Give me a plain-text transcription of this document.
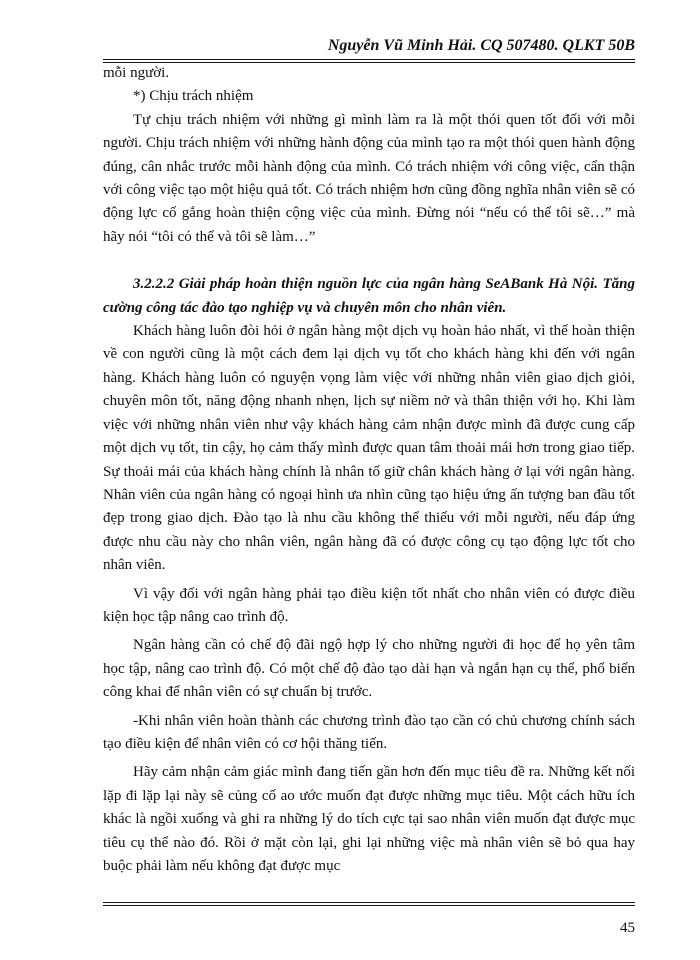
Nguyễn Vũ Minh Hải. CQ 507480. QLKT 50B

mỗi người.

*) Chịu trách nhiệm

Tự chịu trách nhiệm với những gì mình làm ra là một thói quen tốt đối với mỗi người. Chịu trách nhiệm với những hành động của mình tạo ra một thói quen hành động đúng, cân nhắc trước mỗi hành động của mình. Có trách nhiệm với công việc, cẩn thận với công việc tạo một hiệu quả tốt. Có trách nhiệm hơn cũng đồng nghĩa nhân viên sẽ có động lực cố gắng hoàn thiện cộng việc của mình. Đừng nói “nếu có thể tôi sẽ…” mà hãy nói “tôi có thể và tôi sẽ làm…”

3.2.2.2 Giải pháp hoàn thiện nguồn lực của ngân hàng SeABank Hà Nội. Tăng cường công tác đào tạo nghiệp vụ và chuyên môn cho nhân viên.

Khách hàng luôn đòi hỏi ở ngân hàng một dịch vụ hoàn hảo nhất, vì thế hoàn thiện về con người cũng là một cách đem lại dịch vụ tốt cho khách hàng khi đến với ngân hàng. Khách hàng luôn có nguyện vọng làm việc với những nhân viên giao dịch giỏi, chuyên môn tốt, năng động nhanh nhẹn, lịch sự niềm nở và thân thiện với họ. Khi làm việc với những nhân viên như vậy khách hàng cảm nhận được mình đã được cung cấp một dịch vụ tốt, tin cậy, họ cảm thấy mình được quan tâm thoải mái hơn trong giao tiếp. Sự thoải mái của khách hàng chính là nhân tố giữ chân khách hàng ở lại với ngân hàng. Nhân viên của ngân hàng có ngoại hình ưa nhìn cũng tạo hiệu ứng ấn tượng ban đầu tốt đẹp trong giao dịch. Đào tạo là nhu cầu không thể thiếu với mỗi người, nếu đáp ứng được nhu cầu này cho nhân viên, ngân hàng đã có được công cụ tạo động lực tốt cho nhân viên.

Vì vậy đối với ngân hàng phải tạo điều kiện tốt nhất cho nhân viên có được điều kiện học tập nâng cao trình độ.

Ngân hàng cần có chế độ đãi ngộ hợp lý cho những người đi học để họ yên tâm học tập, nâng cao trình độ. Có một chế độ đào tạo dài hạn và ngắn hạn cụ thể, phổ biến công khai để nhân viên có sự chuẩn bị trước.

-Khi nhân viên hoàn thành các chương trình đào tạo cần có chủ chương chính sách tạo điều kiện để nhân viên có cơ hội thăng tiến.

Hãy cảm nhận cảm giác mình đang tiến gần hơn đến mục tiêu đề ra. Những kết nối lặp đi lặp lại này sẽ củng cố ao ước muốn đạt được những mục tiêu. Một cách hữu ích khác là ngồi xuống và ghi ra những lý do tích cực tại sao nhân viên muốn đạt được mục tiêu cụ thể nào đó. Rồi ở mặt còn lại, ghi lại những việc mà nhân viên sẽ bỏ qua hay buộc phải làm nếu không đạt được mục

45
